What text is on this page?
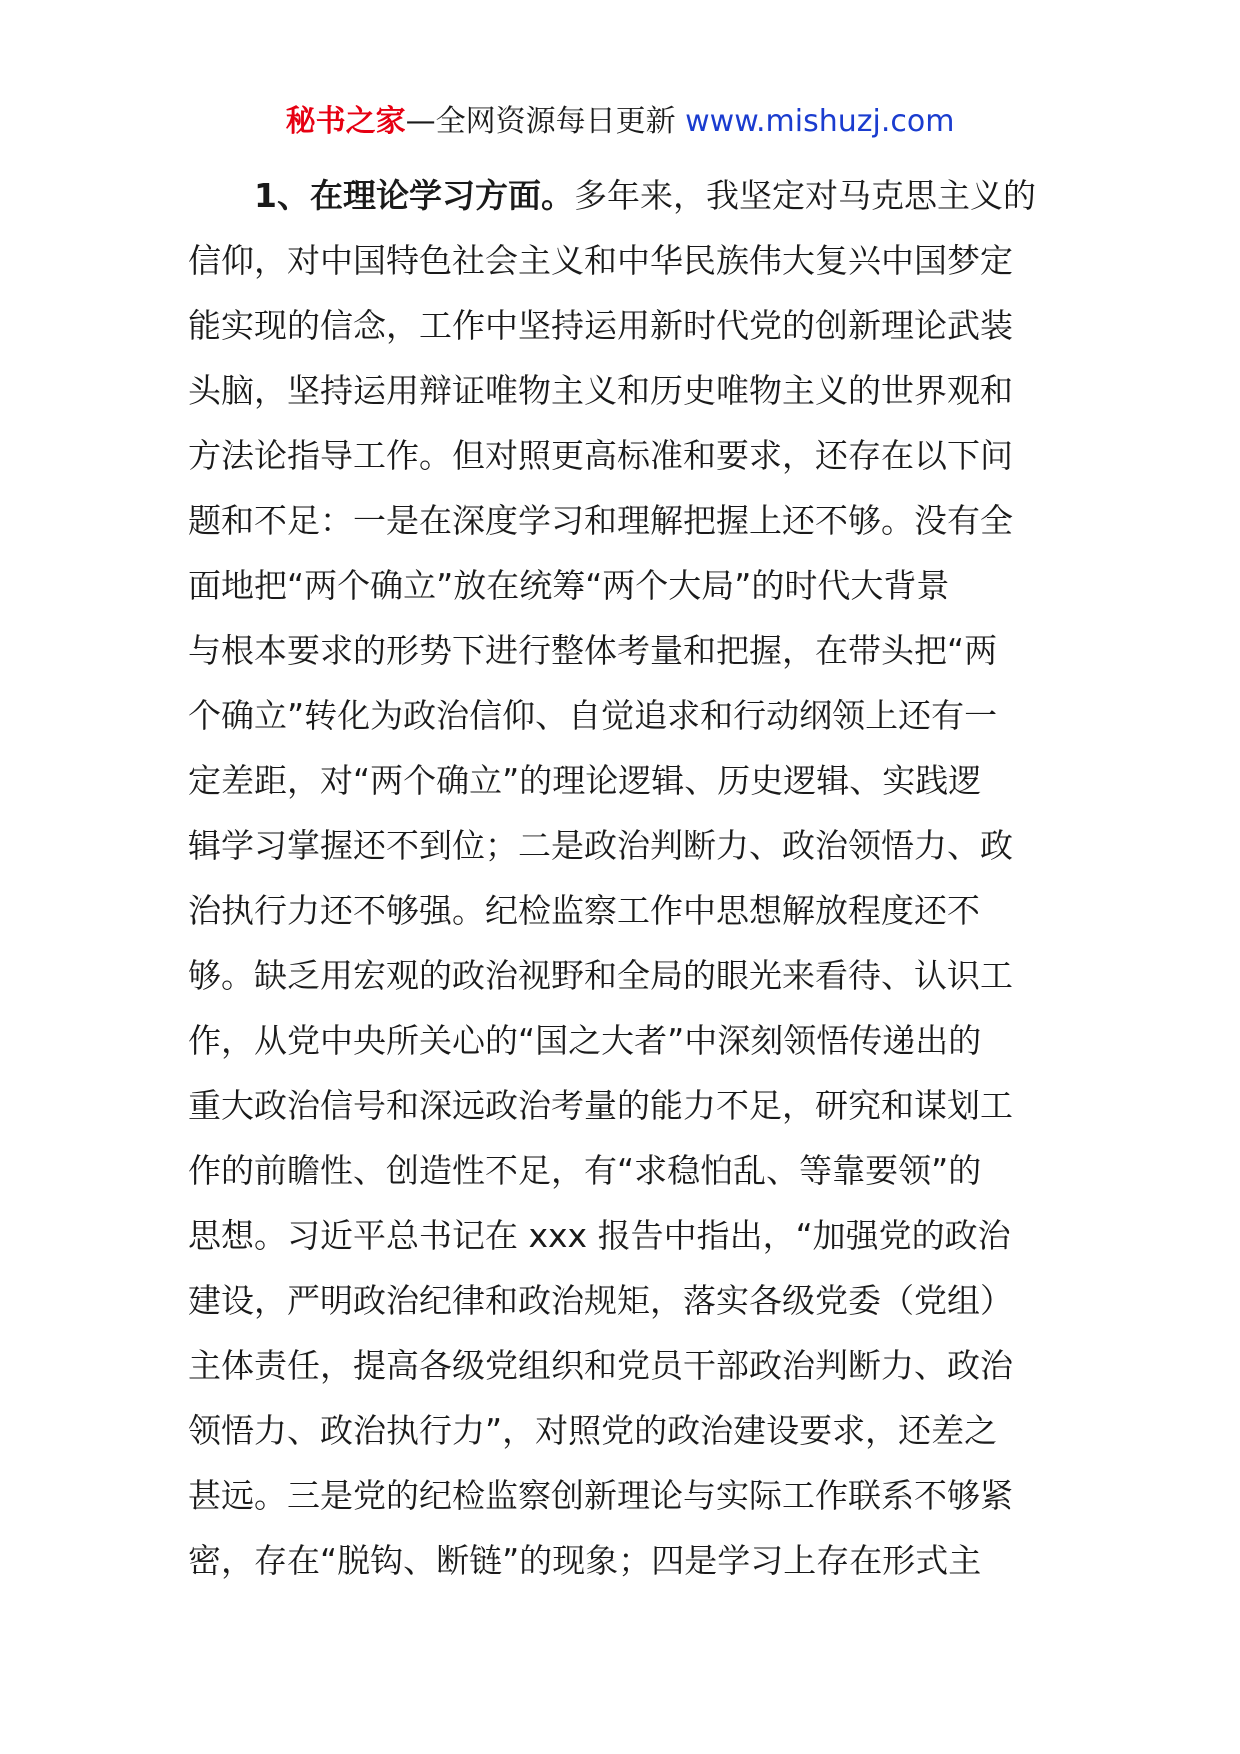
秘书之家—全网资源每日更新 www.mishuzj.com
1、在理论学习方面。多年来，我坚定对马克思主义的
信仰，对中国特色社会主义和中华民族伟大复兴中国梦定
能实现的信念，工作中坚持运用新时代党的创新理论武装
头脑，坚持运用辩证唯物主义和历史唯物主义的世界观和
方法论指导工作。但对照更高标准和要求，还存在以下问
题和不足：一是在深度学习和理解把握上还不够。没有全
面地把“两个确立”放在统筹“两个大局”的时代大背景
与根本要求的形势下进行整体考量和把握，在带头把“两
个确立”转化为政治信仰、自觉追求和行动纲领上还有一
定差距，对“两个确立”的理论逻辑、历史逻辑、实践逻
辑学习掌握还不到位；二是政治判断力、政治领悟力、政
治执行力还不够强。纪检监察工作中思想解放程度还不
够。缺乏用宏观的政治视野和全局的眼光来看待、认识工
作，从党中央所关心的“国之大者”中深刻领悟传递出的
重大政治信号和深远政治考量的能力不足，研究和谋划工
作的前瞻性、创造性不足，有“求稳怕乱、等靠要领”的
思想。习近平总书记在 xxx 报告中指出，“加强党的政治
建设，严明政治纪律和政治规矩，落实各级党委（党组）
主体责任，提高各级党组织和党员干部政治判断力、政治
领悟力、政治执行力”，对照党的政治建设要求，还差之
甚远。三是党的纪检监察创新理论与实际工作联系不够紧
密，存在“脱钩、断链”的现象；四是学习上存在形式主
